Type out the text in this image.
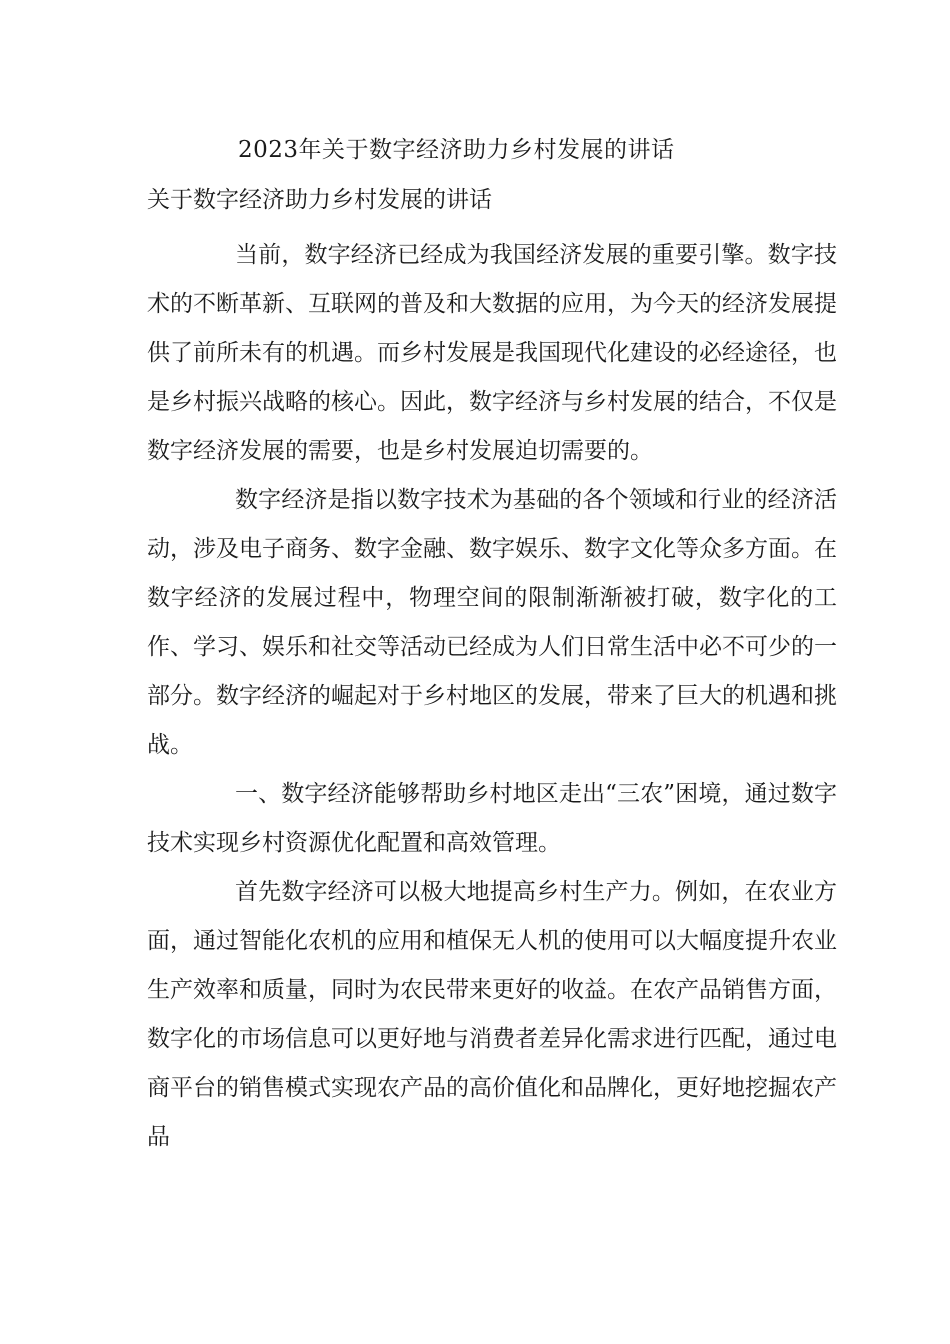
2023年关于数字经济助力乡村发展的讲话
关于数字经济助力乡村发展的讲话

当前，数字经济已经成为我国经济发展的重要引擎。数字技术的不断革新、互联网的普及和大数据的应用，为今天的经济发展提供了前所未有的机遇。而乡村发展是我国现代化建设的必经途径，也是乡村振兴战略的核心。因此，数字经济与乡村发展的结合，不仅是数字经济发展的需要，也是乡村发展迫切需要的。

数字经济是指以数字技术为基础的各个领域和行业的经济活动，涉及电子商务、数字金融、数字娱乐、数字文化等众多方面。在数字经济的发展过程中，物理空间的限制渐渐被打破，数字化的工作、学习、娱乐和社交等活动已经成为人们日常生活中必不可少的一部分。数字经济的崛起对于乡村地区的发展，带来了巨大的机遇和挑战。

一、数字经济能够帮助乡村地区走出“三农”困境，通过数字技术实现乡村资源优化配置和高效管理。

首先数字经济可以极大地提高乡村生产力。例如，在农业方面，通过智能化农机的应用和植保无人机的使用可以大幅度提升农业生产效率和质量，同时为农民带来更好的收益。在农产品销售方面，数字化的市场信息可以更好地与消费者差异化需求进行匹配，通过电商平台的销售模式实现农产品的高价值化和品牌化，更好地挖掘农产品
